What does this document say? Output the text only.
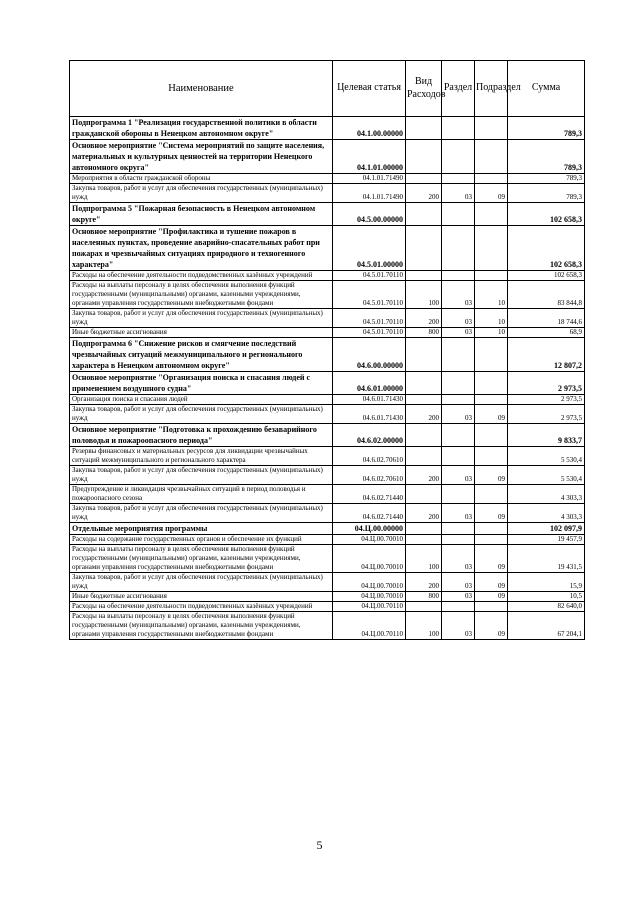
Наименование	Целевая статья	Вид Расходов	Раздел	Подраздел	Сумма
Подпрограмма 1 "Реализация государственной политики в области гражданской обороны в Ненецком автономном округе"	04.1.00.00000				789,3
Основное мероприятие "Система мероприятий по защите населения, материальных и культурных ценностей на территории Ненецкого автономного округа"	04.1.01.00000				789,3
Мероприятия в области гражданской обороны	04.1.01.71490				789,3
Закупка товаров, работ и услуг для обеспечения государственных (муниципальных) нужд	04.1.01.71490	200	03	09	789,3
Подпрограмма 5 "Пожарная безопасность в Ненецком автономном округе"	04.5.00.00000				102 658,3
Основное мероприятие "Профилактика и тушение пожаров в населенных пунктах, проведение аварийно-спасательных работ при пожарах и чрезвычайных ситуациях природного и техногенного характера"	04.5.01.00000				102 658,3
Расходы на обеспечение деятельности подведомственных казённых учреждений	04.5.01.70110				102 658,3
Расходы на выплаты персоналу в целях обеспечения выполнения функций государственными (муниципальными) органами, казенными учреждениями, органами управления государственными внебюджетными фондами	04.5.01.70110	100	03	10	83 844,8
Закупка товаров, работ и услуг для обеспечения государственных (муниципальных) нужд	04.5.01.70110	200	03	10	18 744,6
Иные бюджетные ассигнования	04.5.01.70110	800	03	10	68,9
Подпрограмма 6 "Снижение рисков и смягчение последствий чрезвычайных ситуаций межмуниципального и регионального характера в Ненецком автономном округе"	04.6.00.00000				12 807,2
Основное мероприятие "Организация поиска и спасания людей с применением воздушного судна"	04.6.01.00000				2 973,5
Организация поиска и спасания людей	04.6.01.71430				2 973,5
Закупка товаров, работ и услуг для обеспечения государственных (муниципальных) нужд	04.6.01.71430	200	03	09	2 973,5
Основное мероприятие "Подготовка к прохождению безаварийного половодья и пожароопасного периода"	04.6.02.00000				9 833,7
Резервы финансовых и материальных ресурсов для ликвидации чрезвычайных ситуаций межмуниципального и регионального характера	04.6.02.70610				5 530,4
Закупка товаров, работ и услуг для обеспечения государственных (муниципальных) нужд	04.6.02.70610	200	03	09	5 530,4
Предупреждение и ликвидация чрезвычайных ситуаций в период половодья и пожароопасного сезона	04.6.02.71440				4 303,3
Закупка товаров, работ и услуг для обеспечения государственных (муниципальных) нужд	04.6.02.71440	200	03	09	4 303,3
Отдельные мероприятия программы	04.Ц.00.00000				102 097,9
Расходы на содержание государственных органов и обеспечение их функций	04.Ц.00.70010				19 457,9
Расходы на выплаты персоналу в целях обеспечения выполнения функций государственными (муниципальными) органами, казенными учреждениями, органами управления государственными внебюджетными фондами	04.Ц.00.70010	100	03	09	19 431,5
Закупка товаров, работ и услуг для обеспечения государственных (муниципальных) нужд	04.Ц.00.70010	200	03	09	15,9
Иные бюджетные ассигнования	04.Ц.00.70010	800	03	09	10,5
Расходы на обеспечение деятельности подведомственных казённых учреждений	04.Ц.00.70110				82 640,0
Расходы на выплаты персоналу в целях обеспечения выполнения функций государственными (муниципальными) органами, казенными учреждениями, органами управления государственными внебюджетными фондами	04.Ц.00.70110	100	03	09	67 204,1
5
